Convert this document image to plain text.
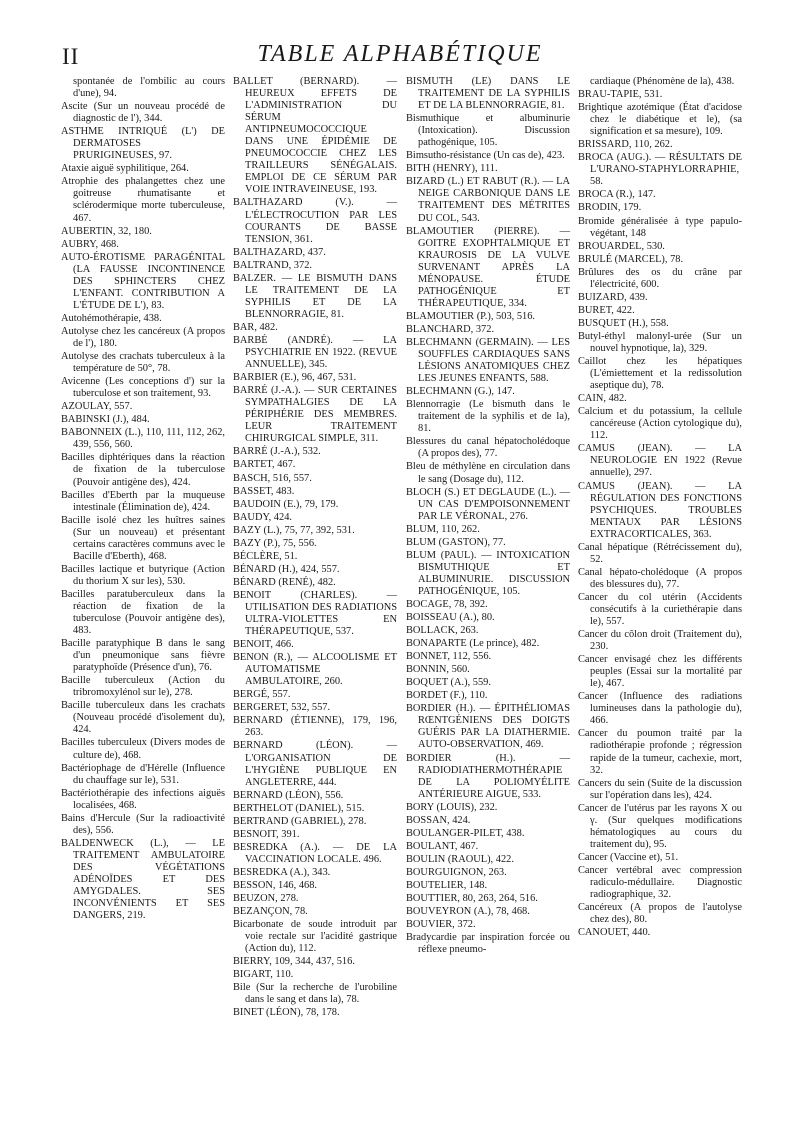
II	TABLE ALPHABÉTIQUE
spontanée de l'ombilic au cours d'une), 94.
Ascite (Sur un nouveau procédé de diagnostic de l'), 344.
ASTHME INTRIQUÉ (L') DE DERMATOSES PRURIGINEUSES, 97.
Ataxie aiguë syphilitique, 264.
Atrophie des phalangettes chez une goitreuse rhumatisante et sclérodermique morte tuberculeuse, 467.
AUBERTIN, 32, 180.
AUBRY, 468.
AUTO-ÉROTISME PARAGÉNITAL (LA FAUSSE INCONTINENCE DES SPHINCTERS CHEZ L'ENFANT. CONTRIBUTION A L'ÉTUDE DE L'), 83.
Autohémothérapie, 438.
Autolyse chez les cancéreux (A propos de l'), 180.
Autolyse des crachats tuberculeux à la température de 50°, 78.
Avicenne (Les conceptions d') sur la tuberculose et son traitement, 93.
AZOULAY, 557.
BABINSKI (J.), 484.
BABONNEIX (L.), 110, 111, 112, 262, 439, 556, 560.
Bacilles diphtériques dans la réaction de fixation de la tuberculose (Pouvoir antigène des), 424.
Bacilles d'Eberth par la muqueuse intestinale (Élimination de), 424.
Bacille isolé chez les huîtres saines (Sur un nouveau) et présentant certains caractères communs avec le Bacille d'Eberth), 468.
Bacilles lactique et butyrique (Action du thorium X sur les), 530.
Bacilles paratuberculeux dans la réaction de fixation de la tuberculose (Pouvoir antigène des), 483.
Bacille paratyphique B dans le sang d'un pneumonique sans fièvre paratyphoïde (Présence d'un), 76.
Bacille tuberculeux (Action du tribromoxylénol sur le), 278.
Bacille tuberculeux dans les crachats (Nouveau procédé d'isolement du), 424.
Bacilles tuberculeux (Divers modes de culture de), 468.
Bactériophage de d'Hérelle (Influence du chauffage sur le), 531.
Bactériothérapie des infections aiguës localisées, 468.
Bains d'Hercule (Sur la radioactivité des), 556.
BALDENWECK (L.), — LE TRAITEMENT AMBULATOIRE DES VÉGÉTATIONS ADÉNOÏDES ET DES AMYGDALES. SES INCONVÉNIENTS ET SES DANGERS, 219.
BALLET (BERNARD). — HEUREUX EFFETS DE L'ADMINISTRATION DU SÉRUM ANTIPNEUMOCOCCIQUE DANS UNE ÉPIDÉMIE DE PNEUMOCOCCIE CHEZ LES TRAILLEURS SÉNÉGALAIS. EMPLOI DE CE SÉRUM PAR VOIE INTRAVEINEUSE, 193.
BALTHAZARD (V.). — L'ÉLECTROCUTION PAR LES COURANTS DE BASSE TENSION, 361.
BALTHAZARD, 437.
BALTRAND, 372.
BALZER. — LE BISMUTH DANS LE TRAITEMENT DE LA SYPHILIS ET DE LA BLENNORRAGIE, 81.
BAR, 482.
BARBÉ (ANDRÉ). — LA PSYCHIATRIE EN 1922. (REVUE ANNUELLE), 345.
BARBIER (E.), 96, 467, 531.
BARRÉ (J.-A.). — SUR CERTAINES SYMPATHALGIES DE LA PÉRIPHÉRIE DES MEMBRES. LEUR TRAITEMENT CHIRURGICAL SIMPLE, 311.
BARRÉ (J.-A.), 532.
BARTET, 467.
BASCH, 516, 557.
BASSET, 483.
BAUDOIN (E.), 79, 179.
BAUDY, 424.
BAZY (L.), 75, 77, 392, 531.
BAZY (P.), 75, 556.
BÉCLÈRE, 51.
BÉNARD (H.), 424, 557.
BÉNARD (RENÉ), 482.
BENOIT (CHARLES). — UTILISATION DES RADIATIONS ULTRA-VIOLETTES EN THÉRAPEUTIQUE, 537.
BENOIT, 466.
BENON (R.), — ALCOOLISME ET AUTOMATISME AMBULATOIRE, 260.
BERGÉ, 557.
BERGERET, 532, 557.
BERNARD (ÉTIENNE), 179, 196, 263.
BERNARD (LÉON). — L'ORGANISATION DE L'HYGIÈNE PUBLIQUE EN ANGLETERRE, 444.
BERNARD (LÉON), 556.
BERTHELOT (DANIEL), 515.
BERTRAND (GABRIEL), 278.
BESNOIT, 391.
BESREDKA (A.). — DE LA VACCINATION LOCALE. 496.
BESREDKA (A.), 343.
BESSON, 146, 468.
BEUZON, 278.
BEZANÇON, 78.
Bicarbonate de soude introduit par voie rectale sur l'acidité gastrique (Action du), 112.
BIERRY, 109, 344, 437, 516.
BIGART, 110.
Bile (Sur la recherche de l'urobiline dans le sang et dans la), 78.
BINET (LÉON), 78, 178.
BISMUTH (LE) DANS LE TRAITEMENT DE LA SYPHILIS ET DE LA BLENNORRAGIE, 81.
Bismuthique et albuminurie (Intoxication). Discussion pathogénique, 105.
Bimsutho-résistance (Un cas de), 423.
BITH (HENRY), 111.
BIZARD (L.) ET RABUT (R.). — LA NEIGE CARBONIQUE DANS LE TRAITEMENT DES MÉTRITES DU COL, 543.
BLAMOUTIER (PIERRE). — GOITRE EXOPHTALMIQUE ET KRAUROSIS DE LA VULVE SURVENANT APRÈS LA MÉNOPAUSE. ÉTUDE PATHOGÉNIQUE ET THÉRAPEUTIQUE, 334.
BLAMOUTIER (P.), 503, 516.
BLANCHARD, 372.
BLECHMANN (GERMAIN). — LES SOUFFLES CARDIAQUES SANS LÉSIONS ANATOMIQUES CHEZ LES JEUNES ENFANTS, 588.
BLECHMANN (G.), 147.
Blennorragie (Le bismuth dans le traitement de la syphilis et de la), 81.
Blessures du canal hépatocholédoque (A propos des), 77.
Bleu de méthylène en circulation dans le sang (Dosage du), 112.
BLOCH (S.) ET DEGLAUDE (L.). — UN CAS D'EMPOISONNEMENT PAR LE VÉRONAL, 276.
BLUM, 110, 262.
BLUM (GASTON), 77.
BLUM (PAUL). — INTOXICATION BISMUTHIQUE ET ALBUMINURIE. DISCUSSION PATHOGÉNIQUE, 105.
BOCAGE, 78, 392.
BOISSEAU (A.), 80.
BOLLACK, 263.
BONAPARTE (Le prince), 482.
BONNET, 112, 556.
BONNIN, 560.
BOQUET (A.), 559.
BORDET (F.), 110.
BORDIER (H.). — ÉPITHÉLIOMAS RŒNTGÉNIENS DES DOIGTS GUÉRIS PAR LA DIATHERMIE. AUTO-OBSERVATION, 469.
BORDIER (H.). — RADIODIATHERMOTHÉRAPIE DE LA POLIOMYÉLITE ANTÉRIEURE AIGUE, 533.
BORY (LOUIS), 232.
BOSSAN, 424.
BOULANGER-PILET, 438.
BOULANT, 467.
BOULIN (RAOUL), 422.
BOURGUIGNON, 263.
BOUTELIER, 148.
BOUTTIER, 80, 263, 264, 516.
BOUVEYRON (A.), 78, 468.
BOUVIER, 372.
Bradycardie par inspiration forcée ou réflexe pneumo-
cardiaque (Phénomène de la), 438.
BRAU-TAPIE, 531.
Brightique azotémique (État d'acidose chez le diabétique et le), (sa signification et sa mesure), 109.
BRISSARD, 110, 262.
BROCA (AUG.). — RÉSULTATS DE L'URANO-STAPHYLORRAPHIE, 58.
BROCA (R.), 147.
BRODIN, 179.
Bromide généralisée à type papulo-végétant, 148
BROUARDEL, 530.
BRULÉ (MARCEL), 78.
Brûlures des os du crâne par l'électricité, 600.
BUIZARD, 439.
BURET, 422.
BUSQUET (H.), 558.
Butyl-éthyl malonyl-urée (Sur un nouvel hypnotique, la), 329.
Caillot chez les hépatiques (L'émiettement et la redissolution aseptique du), 78.
CAIN, 482.
Calcium et du potassium, la cellule cancéreuse (Action cytologique du), 112.
CAMUS (JEAN). — LA NEUROLOGIE EN 1922 (Revue annuelle), 297.
CAMUS (JEAN). — LA RÉGULATION DES FONCTIONS PSYCHIQUES. TROUBLES MENTAUX PAR LÉSIONS EXTRACORTICALES, 363.
Canal hépatique (Rétrécissement du), 52.
Canal hépato-cholédoque (A propos des blessures du), 77.
Cancer du col utérin (Accidents consécutifs à la curiethérapie dans le), 557.
Cancer du côlon droit (Traitement du), 230.
Cancer envisagé chez les différents peuples (Essai sur la mortalité par le), 467.
Cancer (Influence des radiations lumineuses dans la pathologie du), 466.
Cancer du poumon traité par la radiothérapie profonde ; régression rapide de la tumeur, cachexie, mort, 32.
Cancers du sein (Suite de la discussion sur l'opération dans les), 424.
Cancer de l'utérus par les rayons X ou γ. (Sur quelques modifications hématologiques au cours du traitement du), 95.
Cancer (Vaccine et), 51.
Cancer vertébral avec compression radiculo-médullaire. Diagnostic radiographique, 32.
Cancéreux (A propos de l'autolyse chez des), 80.
CANOUET, 440.
